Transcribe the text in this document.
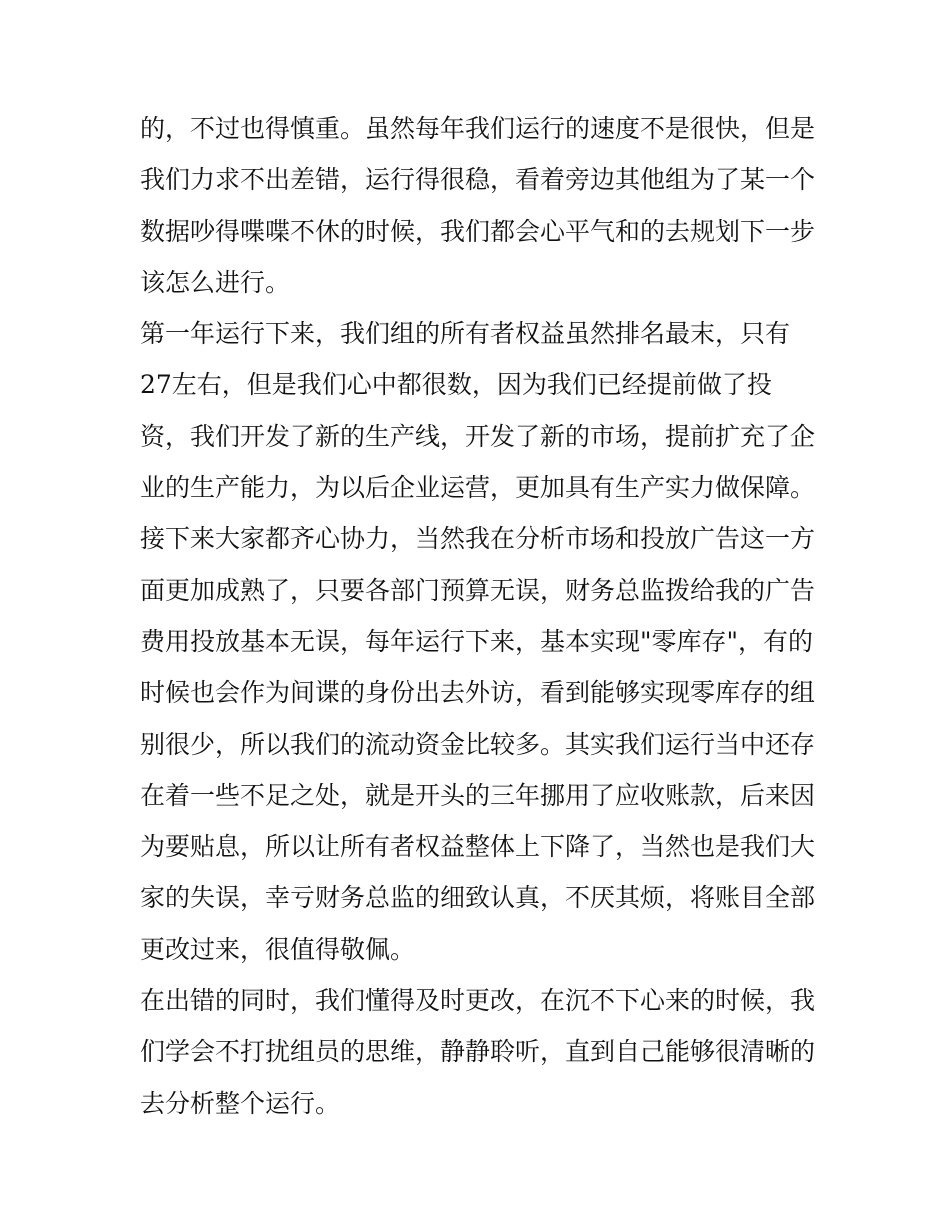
的，不过也得慎重。虽然每年我们运行的速度不是很快，但是
我们力求不出差错，运行得很稳，看着旁边其他组为了某一个
数据吵得喋喋不休的时候，我们都会心平气和的去规划下一步
该怎么进行。
第一年运行下来，我们组的所有者权益虽然排名最末，只有
27左右，但是我们心中都很数，因为我们已经提前做了投
资，我们开发了新的生产线，开发了新的市场，提前扩充了企
业的生产能力，为以后企业运营，更加具有生产实力做保障。
接下来大家都齐心协力，当然我在分析市场和投放广告这一方
面更加成熟了，只要各部门预算无误，财务总监拨给我的广告
费用投放基本无误，每年运行下来，基本实现"零库存"，有的
时候也会作为间谍的身份出去外访，看到能够实现零库存的组
别很少，所以我们的流动资金比较多。其实我们运行当中还存
在着一些不足之处，就是开头的三年挪用了应收账款，后来因
为要贴息，所以让所有者权益整体上下降了，当然也是我们大
家的失误，幸亏财务总监的细致认真，不厌其烦，将账目全部
更改过来，很值得敬佩。
在出错的同时，我们懂得及时更改，在沉不下心来的时候，我
们学会不打扰组员的思维，静静聆听，直到自己能够很清晰的
去分析整个运行。
